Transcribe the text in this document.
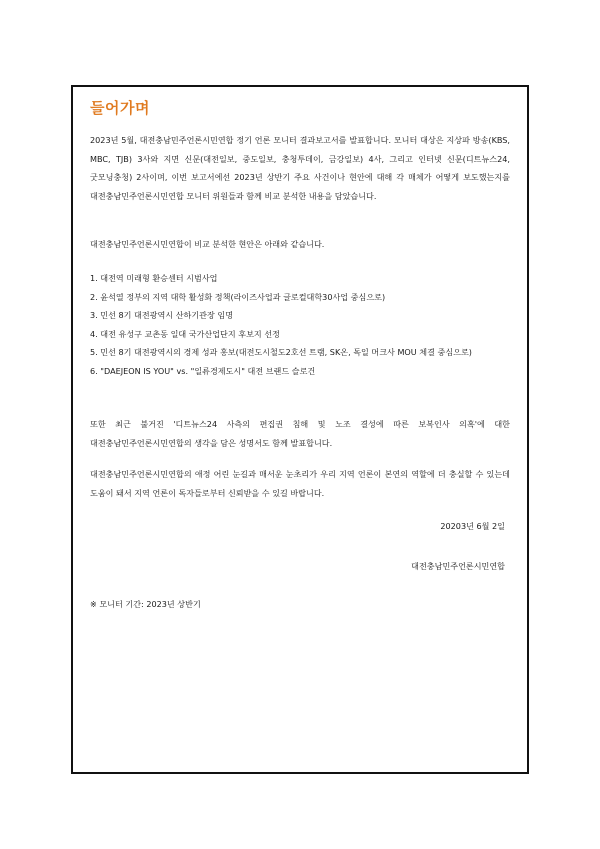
들어가며
2023년 5월, 대전충남민주언론시민연합 정기 언론 모니터 결과보고서를 발표합니다. 모니터 대상은 지상파 방송(KBS, MBC, TJB) 3사와 지면 신문(대전일보, 중도일보, 충청투데이, 금강일보) 4사, 그리고 인터넷 신문(디트뉴스24, 굿모닝충청) 2사이며, 이번 보고서에선 2023년 상반기 주요 사건이나 현안에 대해 각 매체가 어떻게 보도했는지를 대전충남민주언론시민연합 모니터 위원들과 함께 비교 분석한 내용을 담았습니다.
대전충남민주언론시민연합이 비교 분석한 현안은 아래와 같습니다.
1. 대전역 미래형 환승센터 시범사업
2. 윤석열 정부의 지역 대학 활성화 정책(라이즈사업과 글로컬대학30사업 중심으로)
3. 민선 8기 대전광역시 산하기관장 임명
4. 대전 유성구 교촌동 일대 국가산업단지 후보지 선정
5. 민선 8기 대전광역시의 경제 성과 홍보(대전도시철도2호선 트램, SK온, 독일 머크사 MOU 체결 중심으로)
6. "DAEJEON IS YOU" vs. "일류경제도시" 대전 브랜드 슬로건
또한 최근 불거진 '디트뉴스24 사측의 편집권 침해 및 노조 결성에 따른 보복인사 의혹'에 대한 대전충남민주언론시민연합의 생각을 담은 성명서도 함께 발표합니다.
대전충남민주언론시민연합의 애정 어린 눈길과 매서운 눈초리가 우리 지역 언론이 본연의 역할에 더 충실할 수 있는데 도움이 돼서 지역 언론이 독자들로부터 신뢰받을 수 있길 바랍니다.
20203년 6월 2일
대전충남민주언론시민연합
※ 모니터 기간: 2023년 상반기
